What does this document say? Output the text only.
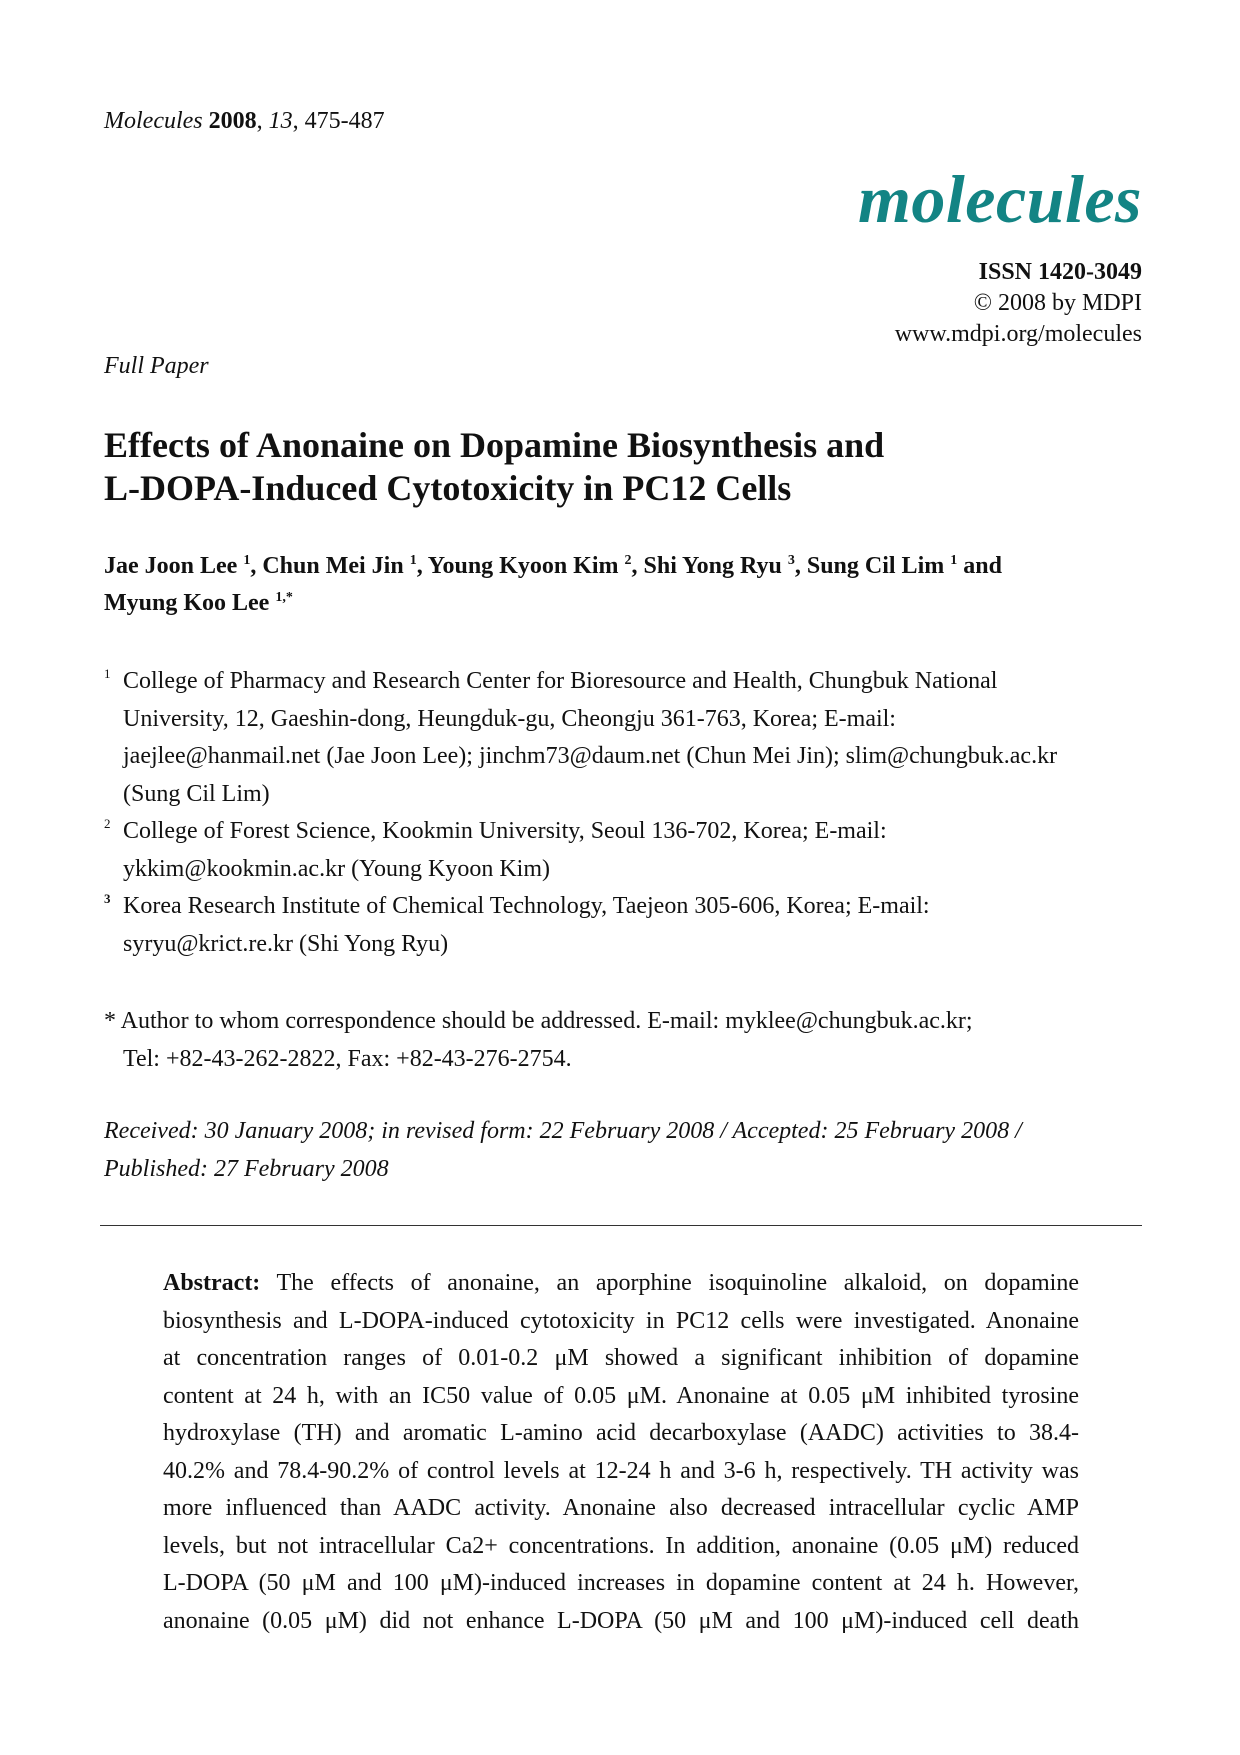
Molecules 2008, 13, 475-487
molecules
ISSN 1420-3049
© 2008 by MDPI
www.mdpi.org/molecules
Full Paper
Effects of Anonaine on Dopamine Biosynthesis and
L-DOPA-Induced Cytotoxicity in PC12 Cells
Jae Joon Lee $^1$, Chun Mei Jin $^1$, Young Kyoon Kim $^2$, Shi Yong Ryu $^3$, Sung Cil Lim $^1$ and
Myung Koo Lee $^{1,*}$
1 College of Pharmacy and Research Center for Bioresource and Health, Chungbuk National
University, 12, Gaeshin-dong, Heungduk-gu, Cheongju 361-763, Korea; E-mail:
jaejlee@hanmail.net (Jae Joon Lee); jinchm73@daum.net (Chun Mei Jin); slim@chungbuk.ac.kr
(Sung Cil Lim)
2 College of Forest Science, Kookmin University, Seoul 136-702, Korea; E-mail:
ykkim@kookmin.ac.kr (Young Kyoon Kim)
3 Korea Research Institute of Chemical Technology, Taejeon 305-606, Korea; E-mail:
syryu@krict.re.kr (Shi Yong Ryu)
* Author to whom correspondence should be addressed. E-mail: myklee@chungbuk.ac.kr;
Tel: +82-43-262-2822, Fax: +82-43-276-2754.
Received: 30 January 2008; in revised form: 22 February 2008 / Accepted: 25 February 2008 /
Published: 27 February 2008
Abstract: The effects of anonaine, an aporphine isoquinoline alkaloid, on dopamine
biosynthesis and L-DOPA-induced cytotoxicity in PC12 cells were investigated. Anonaine
at concentration ranges of 0.01-0.2 μM showed a significant inhibition of dopamine
content at 24 h, with an IC50 value of 0.05 μM. Anonaine at 0.05 μM inhibited tyrosine
hydroxylase (TH) and aromatic L-amino acid decarboxylase (AADC) activities to 38.4-
40.2% and 78.4-90.2% of control levels at 12-24 h and 3-6 h, respectively. TH activity was
more influenced than AADC activity. Anonaine also decreased intracellular cyclic AMP
levels, but not intracellular Ca2+ concentrations. In addition, anonaine (0.05 μM) reduced
L-DOPA (50 μM and 100 μM)-induced increases in dopamine content at 24 h. However,
anonaine (0.05 μM) did not enhance L-DOPA (50 μM and 100 μM)-induced cell death
